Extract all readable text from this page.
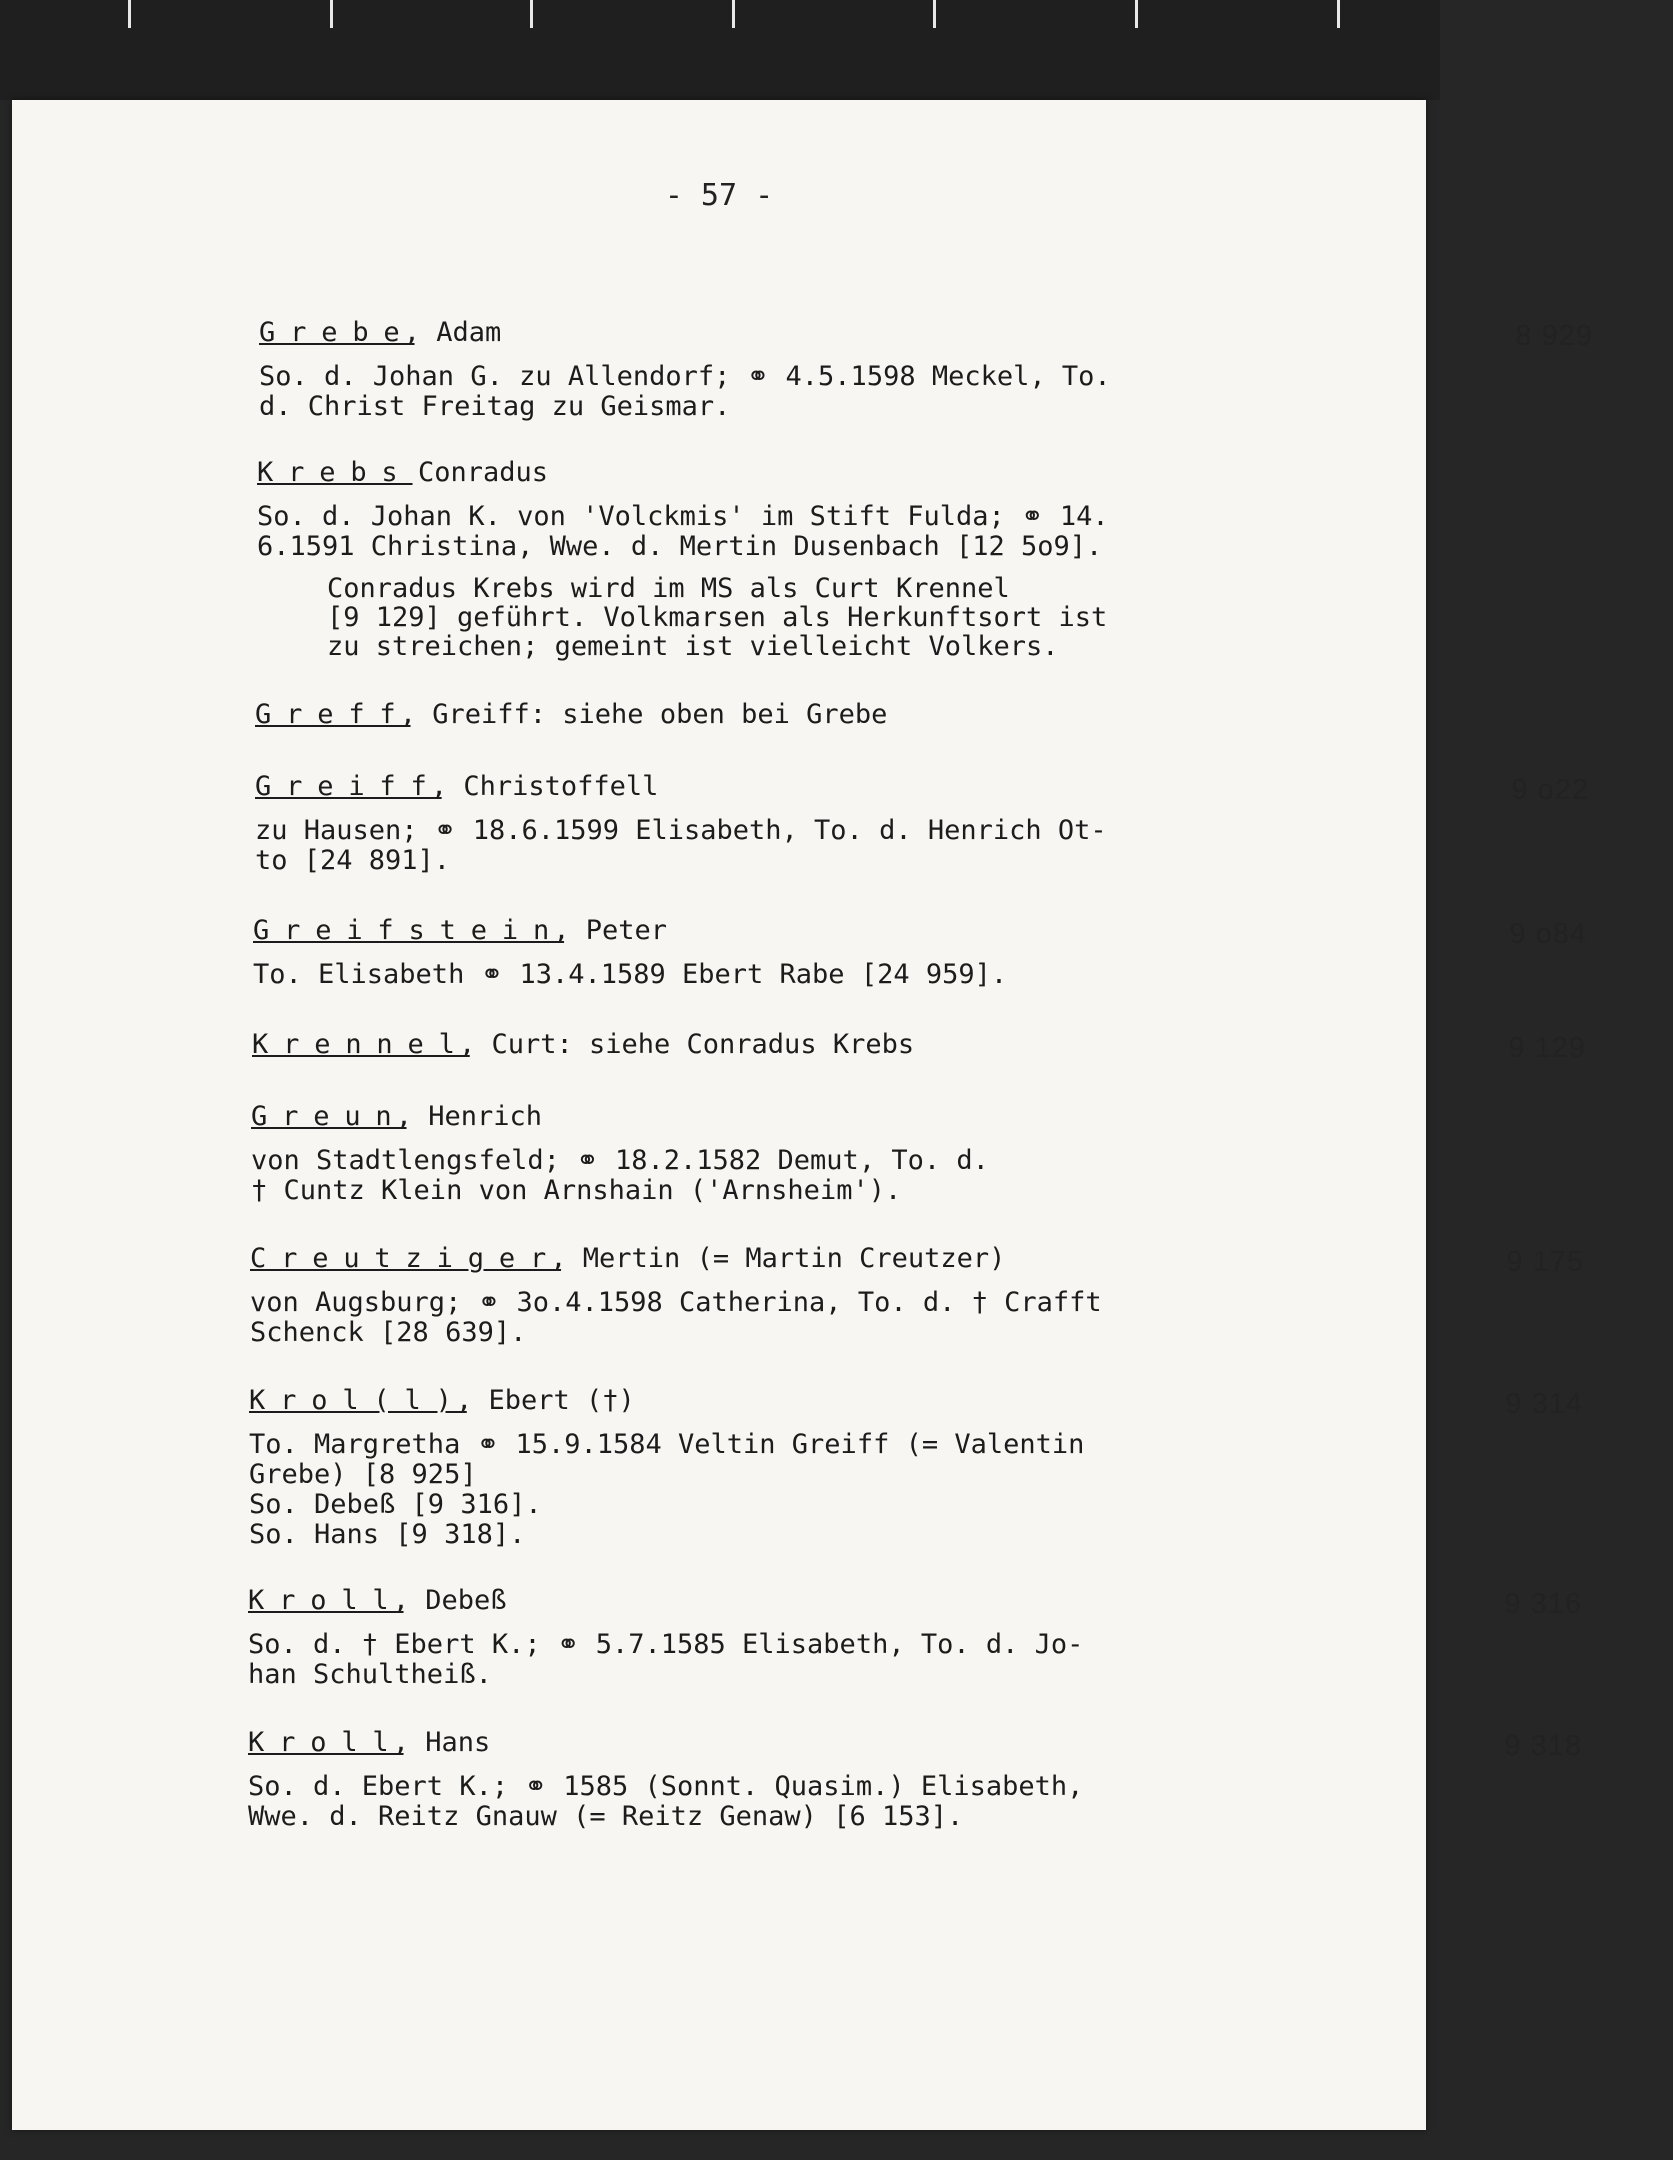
- 57 -
Grebe, Adam	8 929
So. d. Johan G. zu Allendorf; ⚭ 4.5.1598 Meckel, To.
d. Christ Freitag zu Geismar.
Krebs Conradus
So. d. Johan K. von 'Volckmis' im Stift Fulda; ⚭ 14.
6.1591 Christina, Wwe. d. Mertin Dusenbach [12 5o9].
Conradus Krebs wird im MS als Curt Krennel
[9 129] geführt. Volkmarsen als Herkunftsort ist
zu streichen; gemeint ist vielleicht Volkers.
Greff, Greiff: siehe oben bei Grebe
Greiff, Christoffell	9 o22
zu Hausen; ⚭ 18.6.1599 Elisabeth, To. d. Henrich Ot-
to [24 891].
Greifstein, Peter	9 o84
To. Elisabeth ⚭ 13.4.1589 Ebert Rabe [24 959].
Krennel, Curt: siehe Conradus Krebs	9 129
Greun, Henrich
von Stadtlengsfeld; ⚭ 18.2.1582 Demut, To. d.
† Cuntz Klein von Arnshain ('Arnsheim').
Creutziger, Mertin (= Martin Creutzer)	9 175
von Augsburg; ⚭ 3o.4.1598 Catherina, To. d. † Crafft
Schenck [28 639].
Krol(l), Ebert (†)	9 314
To. Margretha ⚭ 15.9.1584 Veltin Greiff (= Valentin
Grebe) [8 925]
So. Debeß [9 316].
So. Hans [9 318].
Kroll, Debeß	9 316
So. d. † Ebert K.; ⚭ 5.7.1585 Elisabeth, To. d. Jo-
han Schultheiß.
Kroll, Hans	9 318
So. d. Ebert K.; ⚭ 1585 (Sonnt. Quasim.) Elisabeth,
Wwe. d. Reitz Gnauw (= Reitz Genaw) [6 153].
